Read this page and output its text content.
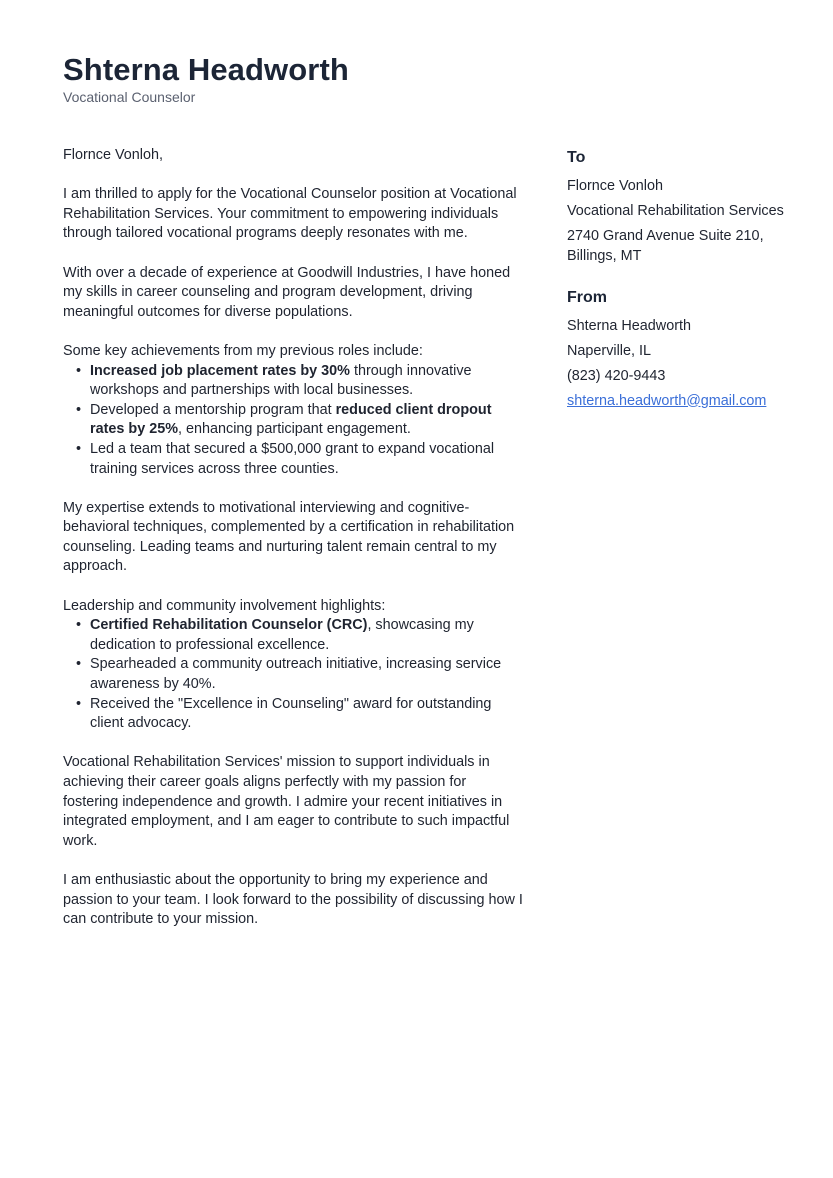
Shterna Headworth
Vocational Counselor

Flornce Vonloh,

I am thrilled to apply for the Vocational Counselor position at Vocational Rehabilitation Services. Your commitment to empowering individuals through tailored vocational programs deeply resonates with me.

With over a decade of experience at Goodwill Industries, I have honed my skills in career counseling and program development, driving meaningful outcomes for diverse populations.

Some key achievements from my previous roles include:

• Increased job placement rates by 30% through innovative workshops and partnerships with local businesses.
• Developed a mentorship program that reduced client dropout rates by 25%, enhancing participant engagement.
• Led a team that secured a $500,000 grant to expand vocational training services across three counties.

My expertise extends to motivational interviewing and cognitive-behavioral techniques, complemented by a certification in rehabilitation counseling. Leading teams and nurturing talent remain central to my approach.

Leadership and community involvement highlights:

• Certified Rehabilitation Counselor (CRC), showcasing my dedication to professional excellence.
• Spearheaded a community outreach initiative, increasing service awareness by 40%.
• Received the "Excellence in Counseling" award for outstanding client advocacy.

Vocational Rehabilitation Services' mission to support individuals in achieving their career goals aligns perfectly with my passion for fostering independence and growth. I admire your recent initiatives in integrated employment, and I am eager to contribute to such impactful work.

I am enthusiastic about the opportunity to bring my experience and passion to your team. I look forward to the possibility of discussing how I can contribute to your mission.

To
Flornce Vonloh
Vocational Rehabilitation Services
2740 Grand Avenue Suite 210, Billings, MT
From
Shterna Headworth
Naperville, IL
(823) 420-9443
shterna.headworth@gmail.com
